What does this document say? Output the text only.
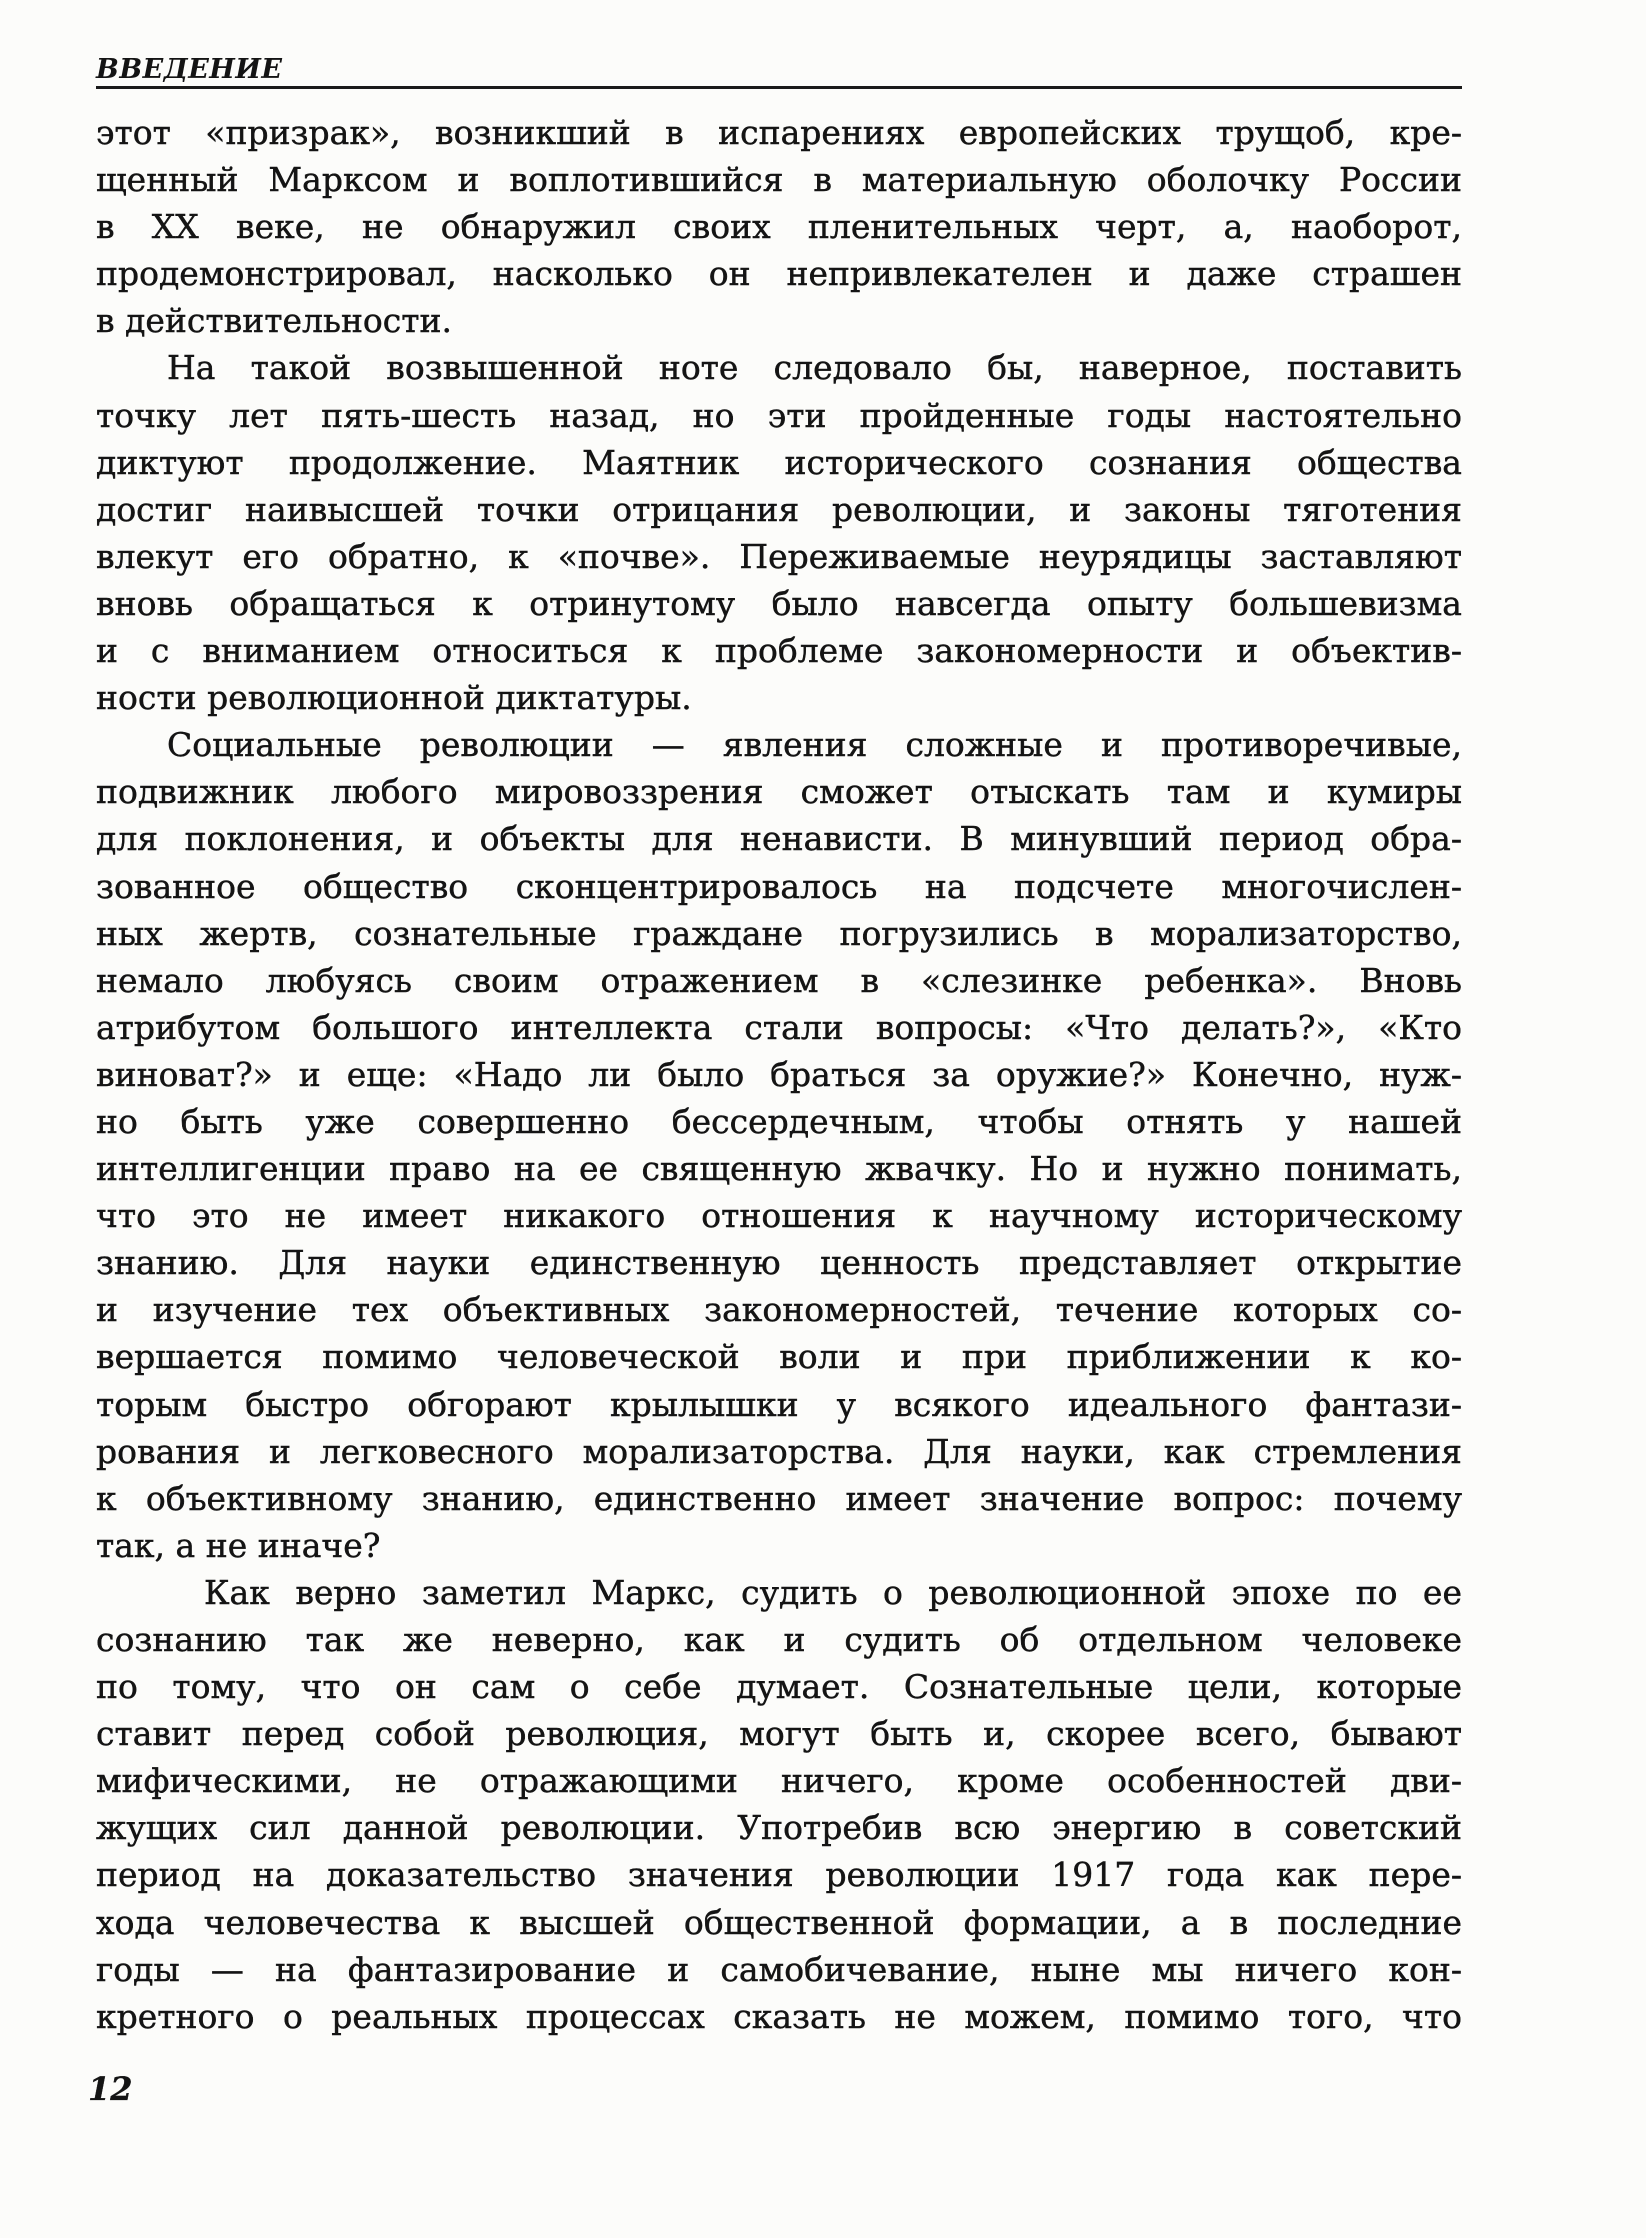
ВВЕДЕНИЕ
этот «призрак», возникший в испарениях европейских трущоб, кре-
щенный Марксом и воплотившийся в материальную оболочку России
в XX веке, не обнаружил своих пленительных черт, а, наоборот,
продемонстрировал, насколько он непривлекателен и даже страшен
в действительности.
На такой возвышенной ноте следовало бы, наверное, поставить
точку лет пять-шесть назад, но эти пройденные годы настоятельно
диктуют продолжение. Маятник исторического сознания общества
достиг наивысшей точки отрицания революции, и законы тяготения
влекут его обратно, к «почве». Переживаемые неурядицы заставляют
вновь обращаться к отринутому было навсегда опыту большевизма
и с вниманием относиться к проблеме закономерности и объектив-
ности революционной диктатуры.
Социальные революции — явления сложные и противоречивые,
подвижник любого мировоззрения сможет отыскать там и кумиры
для поклонения, и объекты для ненависти. В минувший период обра-
зованное общество сконцентрировалось на подсчете многочислен-
ных жертв, сознательные граждане погрузились в морализаторство,
немало любуясь своим отражением в «слезинке ребенка». Вновь
атрибутом большого интеллекта стали вопросы: «Что делать?», «Кто
виноват?» и еще: «Надо ли было браться за оружие?» Конечно, нуж-
но быть уже совершенно бессердечным, чтобы отнять у нашей
интеллигенции право на ее священную жвачку. Но и нужно понимать,
что это не имеет никакого отношения к научному историческому
знанию. Для науки единственную ценность представляет открытие
и изучение тех объективных закономерностей, течение которых со-
вершается помимо человеческой воли и при приближении к ко-
торым быстро обгорают крылышки у всякого идеального фантази-
рования и легковесного морализаторства. Для науки, как стремления
к объективному знанию, единственно имеет значение вопрос: почему
так, а не иначе?
Как верно заметил Маркс, судить о революционной эпохе по ее
сознанию так же неверно, как и судить об отдельном человеке
по тому, что он сам о себе думает. Сознательные цели, которые
ставит перед собой революция, могут быть и, скорее всего, бывают
мифическими, не отражающими ничего, кроме особенностей дви-
жущих сил данной революции. Употребив всю энергию в советский
период на доказательство значения революции 1917 года как пере-
хода человечества к высшей общественной формации, а в последние
годы — на фантазирование и самобичевание, ныне мы ничего кон-
кретного о реальных процессах сказать не можем, помимо того, что
12
